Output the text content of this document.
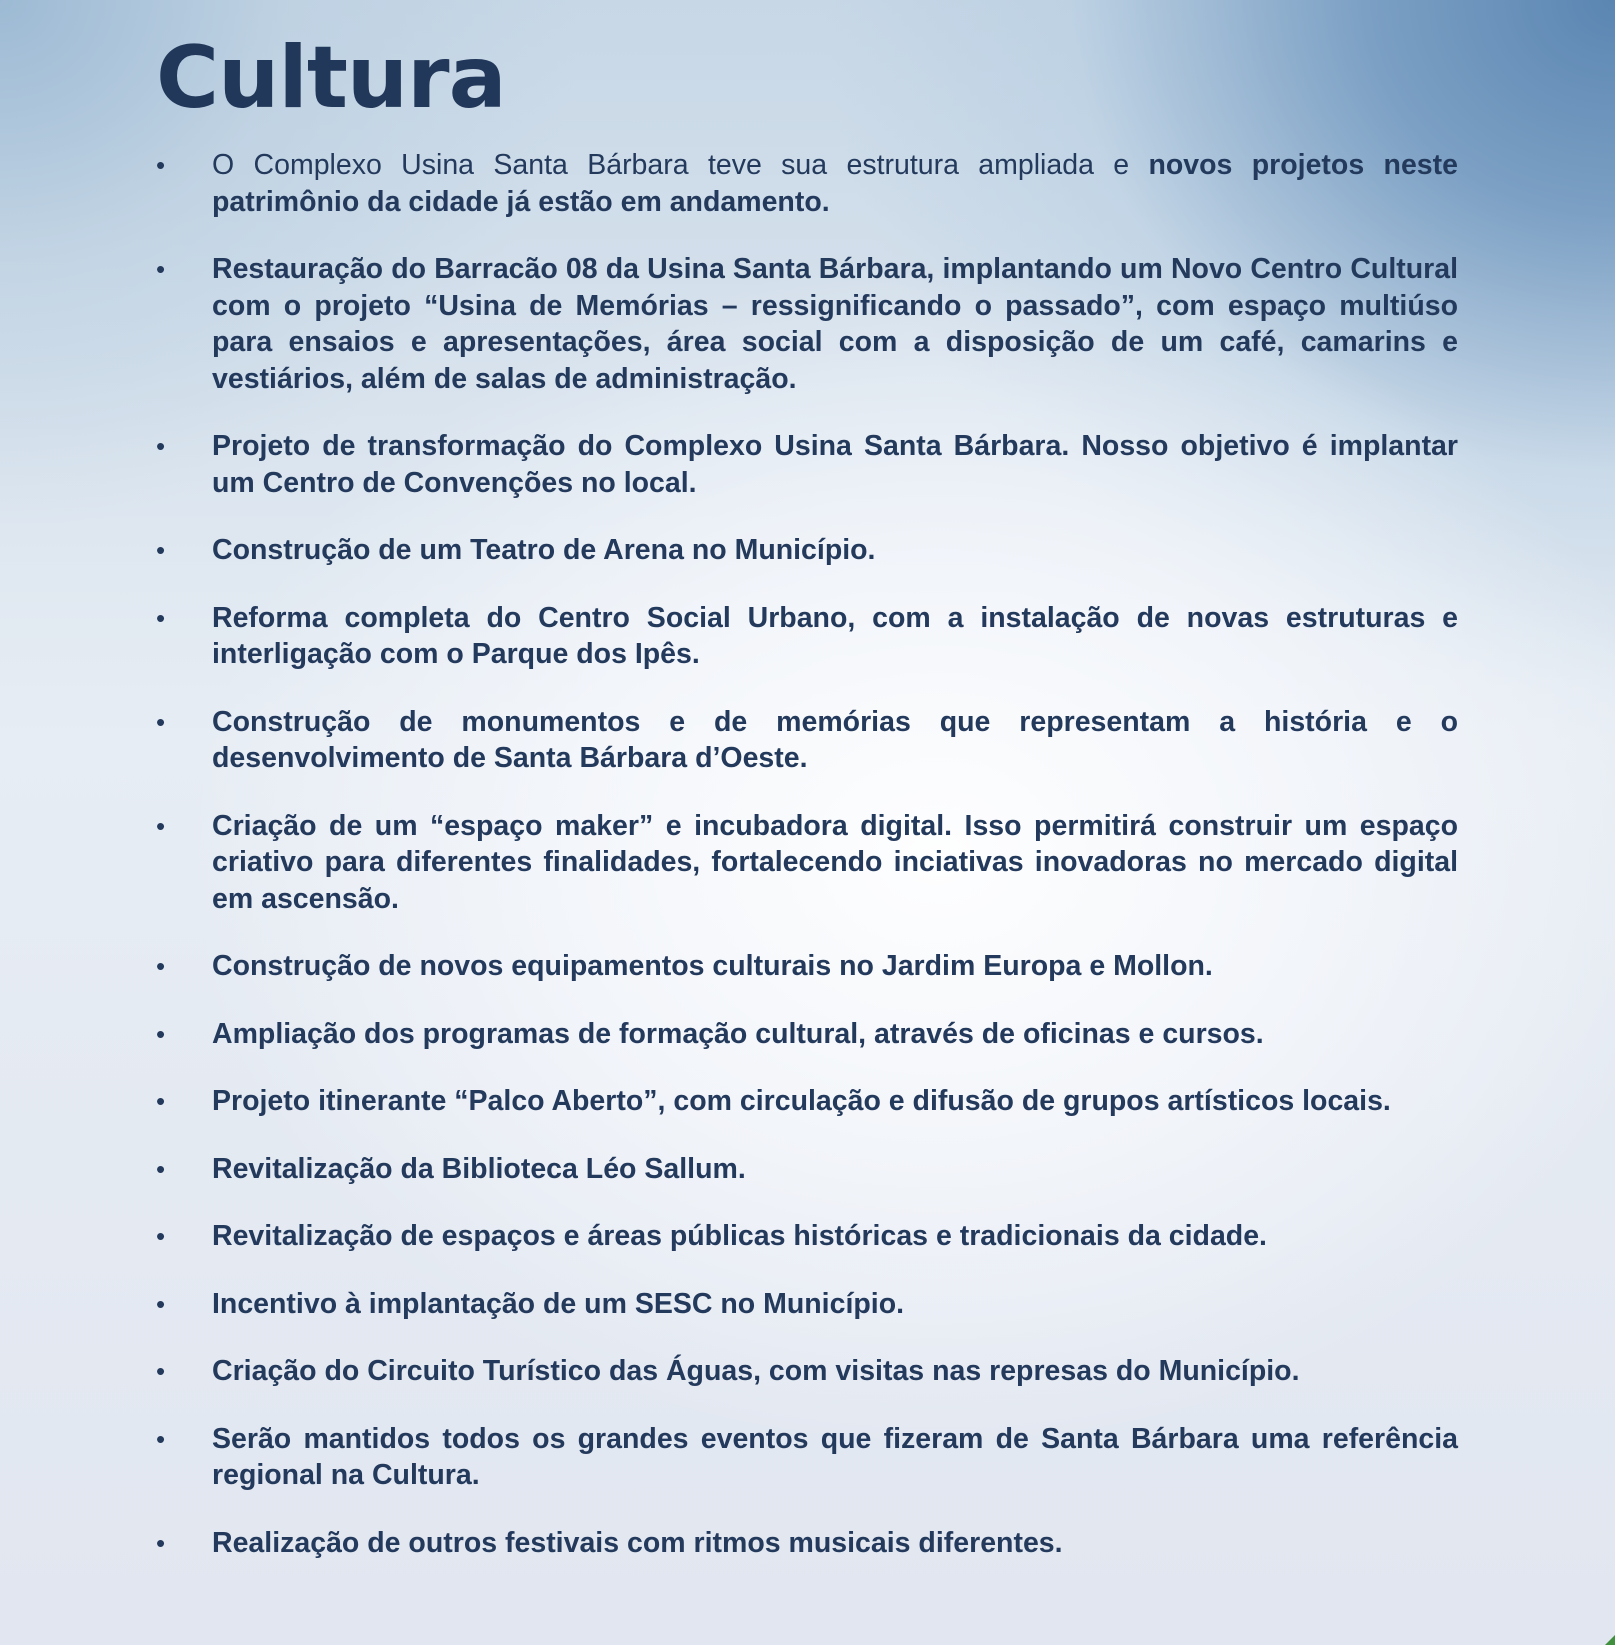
Cultura
•	O Complexo Usina Santa Bárbara teve sua estrutura ampliada e novos projetos neste patrimônio da cidade já estão em andamento.
•	Restauração do Barracão 08 da Usina Santa Bárbara, implantando um Novo Centro Cultural com o projeto “Usina de Memórias – ressignificando o passado”, com espaço multiúso para ensaios e apresentações, área social com a disposição de um café, camarins e vestiários, além de salas de administração.
•	Projeto de transformação do Complexo Usina Santa Bárbara. Nosso objetivo é implantar um Centro de Convenções no local.
•	Construção de um Teatro de Arena no Município.
•	Reforma completa do Centro Social Urbano, com a instalação de novas estruturas e interligação com o Parque dos Ipês.
•	Construção de monumentos e de memórias que representam a história e o desenvolvimento de Santa Bárbara d’Oeste.
•	Criação de um “espaço maker” e incubadora digital. Isso permitirá construir um espaço criativo para diferentes finalidades, fortalecendo inciativas inovadoras no mercado digital em ascensão.
•	Construção de novos equipamentos culturais no Jardim Europa e Mollon.
•	Ampliação dos programas de formação cultural, através de oficinas e cursos.
•	Projeto itinerante “Palco Aberto”, com circulação e difusão de grupos artísticos locais.
•	Revitalização da Biblioteca Léo Sallum.
•	Revitalização de espaços e áreas públicas históricas e tradicionais da cidade.
•	Incentivo à implantação de um SESC no Município.
•	Criação do Circuito Turístico das Águas, com visitas nas represas do Município.
•	Serão mantidos todos os grandes eventos que fizeram de Santa Bárbara uma referência regional na Cultura.
•	Realização de outros festivais com ritmos musicais diferentes.
